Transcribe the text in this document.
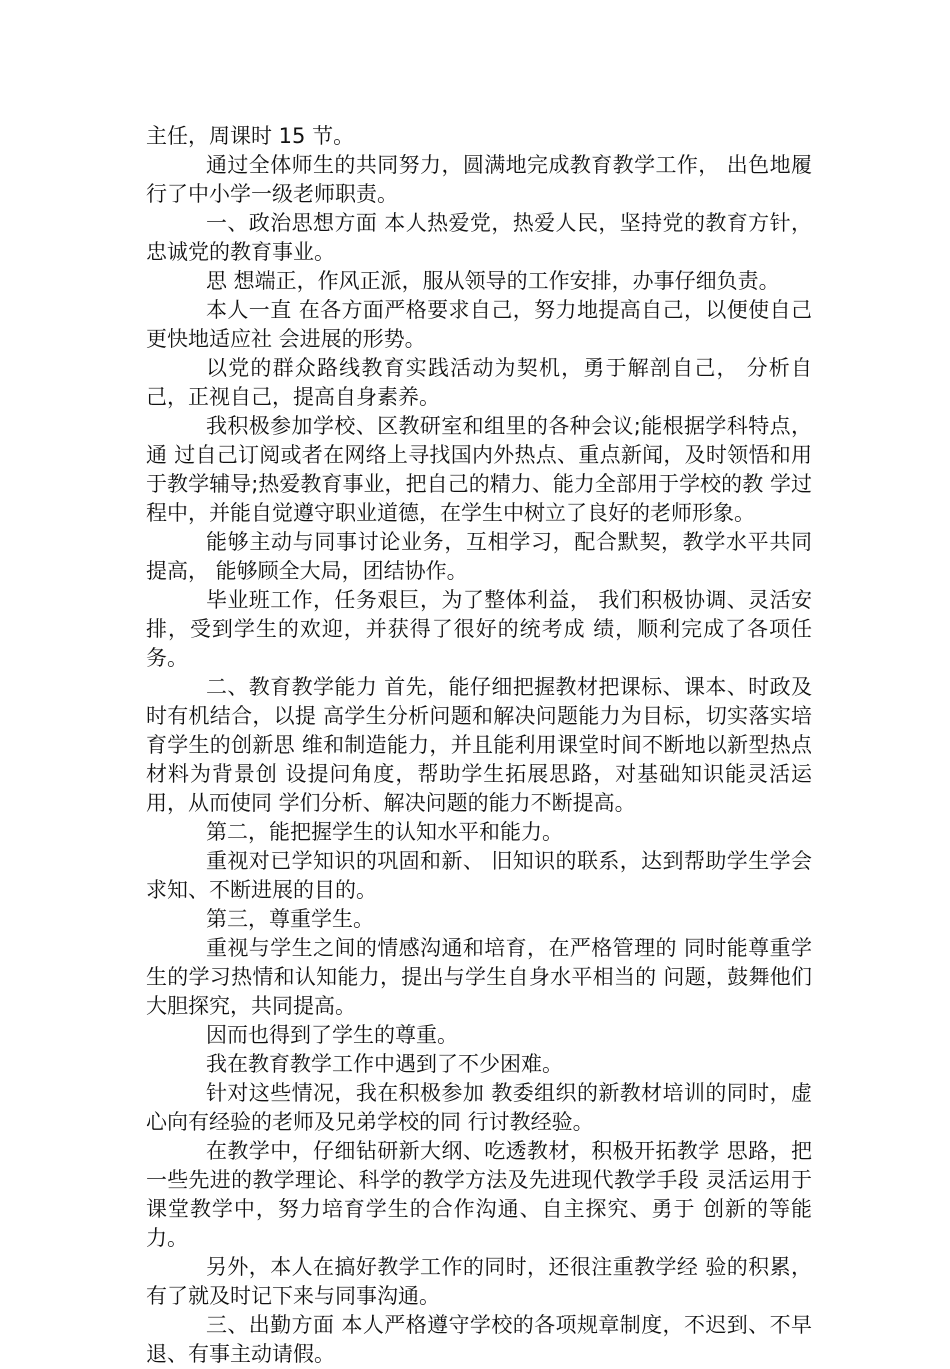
主任，周课时 15 节。

通过全体师生的共同努力，圆满地完成教育教学工作， 出色地履行了中小学一级老师职责。

一、政治思想方面 本人热爱党，热爱人民，坚持党的教育方针，忠诚党的教育事业。

思 想端正，作风正派，服从领导的工作安排，办事仔细负责。

本人一直 在各方面严格要求自己，努力地提高自己，以便使自己更快地适应社 会进展的形势。

以党的群众路线教育实践活动为契机，勇于解剖自己， 分析自己，正视自己，提高自身素养。

我积极参加学校、区教研室和组里的各种会议;能根据学科特点，通 过自己订阅或者在网络上寻找国内外热点、重点新闻，及时领悟和用 于教学辅导;热爱教育事业，把自己的精力、能力全部用于学校的教 学过程中，并能自觉遵守职业道德，在学生中树立了良好的老师形象。

能够主动与同事讨论业务，互相学习，配合默契，教学水平共同提高， 能够顾全大局，团结协作。

毕业班工作，任务艰巨，为了整体利益， 我们积极协调、灵活安排，受到学生的欢迎，并获得了很好的统考成 绩，顺利完成了各项任务。

二、教育教学能力 首先，能仔细把握教材把课标、课本、时政及时有机结合，以提 高学生分析问题和解决问题能力为目标，切实落实培育学生的创新思 维和制造能力，并且能利用课堂时间不断地以新型热点材料为背景创 设提问角度，帮助学生拓展思路，对基础知识能灵活运用，从而使同 学们分析、解决问题的能力不断提高。

第二，能把握学生的认知水平和能力。

重视对已学知识的巩固和新、 旧知识的联系，达到帮助学生学会求知、不断进展的目的。

第三，尊重学生。

重视与学生之间的情感沟通和培育，在严格管理的 同时能尊重学生的学习热情和认知能力，提出与学生自身水平相当的 问题，鼓舞他们大胆探究，共同提高。

因而也得到了学生的尊重。

我在教育教学工作中遇到了不少困难。

针对这些情况，我在积极参加 教委组织的新教材培训的同时，虚心向有经验的老师及兄弟学校的同 行讨教经验。

在教学中，仔细钻研新大纲、吃透教材，积极开拓教学 思路，把一些先进的教学理论、科学的教学方法及先进现代教学手段 灵活运用于课堂教学中，努力培育学生的合作沟通、自主探究、勇于 创新的等能力。

另外，本人在搞好教学工作的同时，还很注重教学经 验的积累，有了就及时记下来与同事沟通。

三、出勤方面 本人严格遵守学校的各项规章制度，不迟到、不早退、有事主动请假。
